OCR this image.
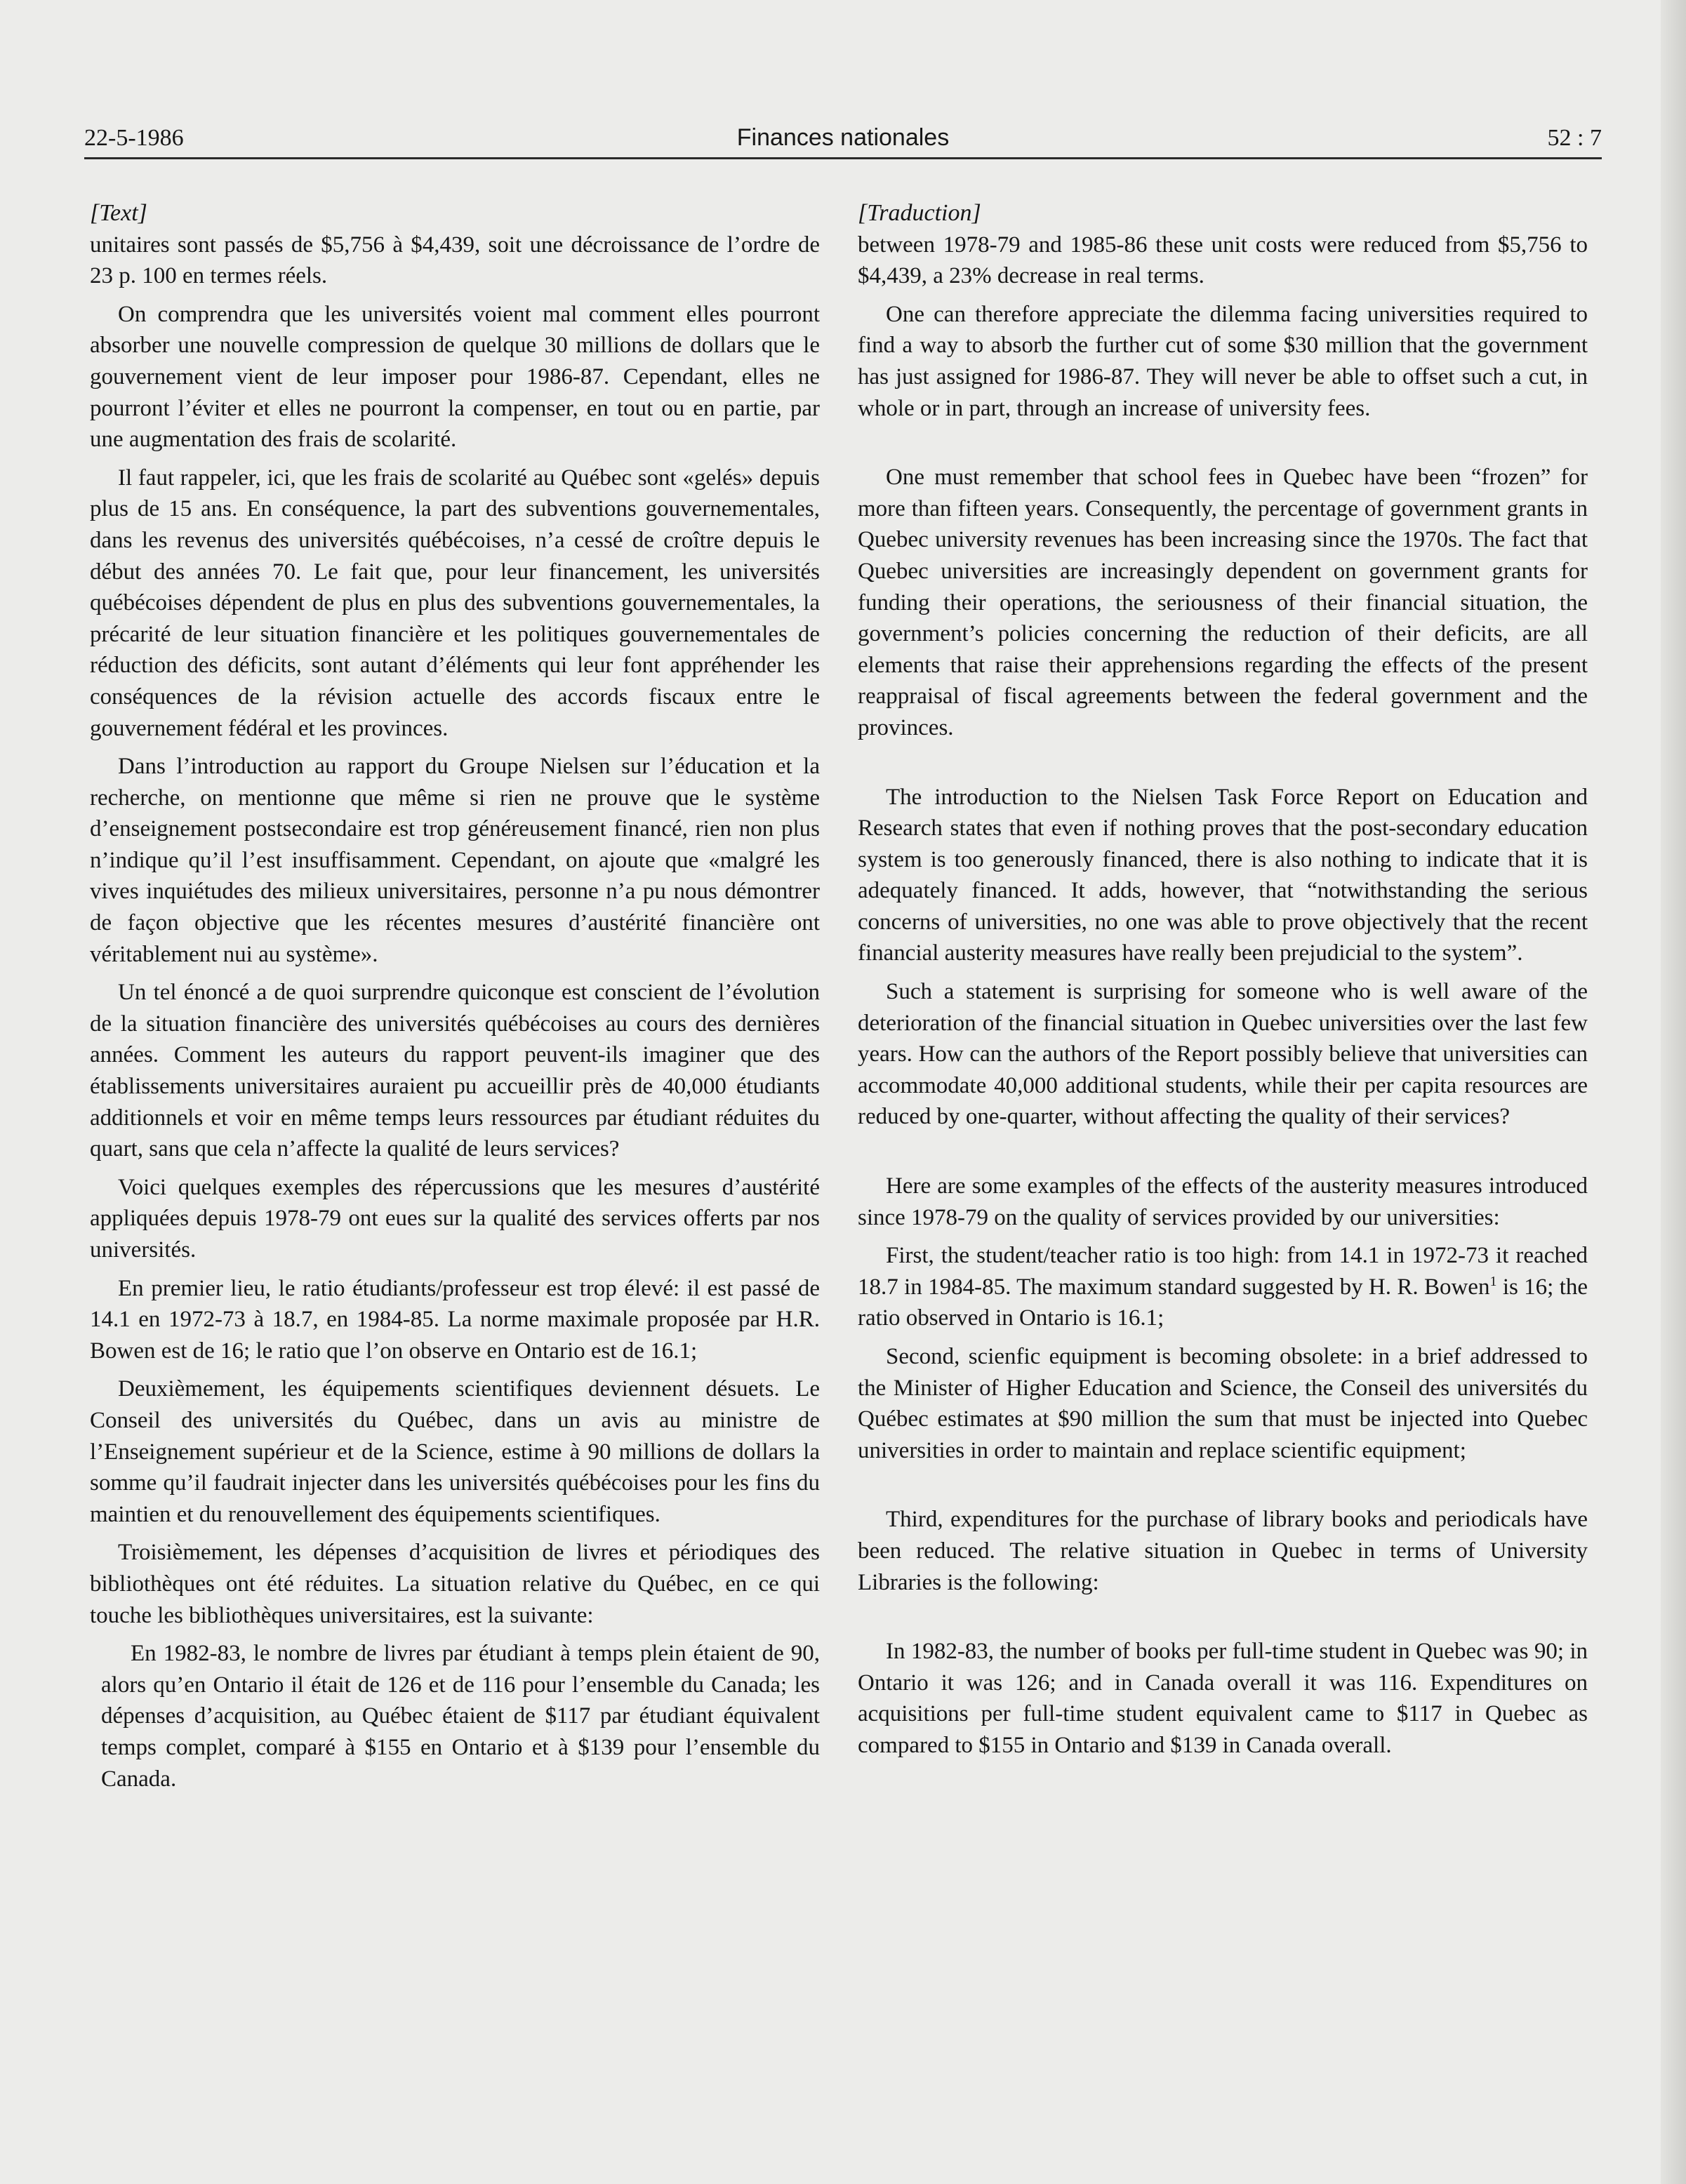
22-5-1986	Finances nationales	52 : 7

[Text]

unitaires sont passés de $5,756 à $4,439, soit une décroissance de l’ordre de 23 p. 100 en termes réels.

On comprendra que les universités voient mal comment elles pourront absorber une nouvelle compression de quelque 30 millions de dollars que le gouvernement vient de leur imposer pour 1986-87. Cependant, elles ne pourront l’éviter et elles ne pourront la compenser, en tout ou en partie, par une augmentation des frais de scolarité.

Il faut rappeler, ici, que les frais de scolarité au Québec sont «gelés» depuis plus de 15 ans. En conséquence, la part des subventions gouvernementales, dans les revenus des universités québécoises, n’a cessé de croître depuis le début des années 70. Le fait que, pour leur financement, les universités québécoises dépendent de plus en plus des subventions gouvernementales, la précarité de leur situation financière et les politiques gouvernementales de réduction des déficits, sont autant d’éléments qui leur font appréhender les conséquences de la révision actuelle des accords fiscaux entre le gouvernement fédéral et les provinces.

Dans l’introduction au rapport du Groupe Nielsen sur l’éducation et la recherche, on mentionne que même si rien ne prouve que le système d’enseignement postsecondaire est trop généreusement financé, rien non plus n’indique qu’il l’est insuffisamment. Cependant, on ajoute que «malgré les vives inquiétudes des milieux universitaires, personne n’a pu nous démontrer de façon objective que les récentes mesures d’austérité financière ont véritablement nui au système».

Un tel énoncé a de quoi surprendre quiconque est conscient de l’évolution de la situation financière des universités québécoises au cours des dernières années. Comment les auteurs du rapport peuvent-ils imaginer que des établissements universitaires auraient pu accueillir près de 40,000 étudiants additionnels et voir en même temps leurs ressources par étudiant réduites du quart, sans que cela n’affecte la qualité de leurs services?

Voici quelques exemples des répercussions que les mesures d’austérité appliquées depuis 1978-79 ont eues sur la qualité des services offerts par nos universités.

En premier lieu, le ratio étudiants/professeur est trop élevé: il est passé de 14.1 en 1972-73 à 18.7, en 1984-85. La norme maximale proposée par H.R. Bowen est de 16; le ratio que l’on observe en Ontario est de 16.1;

Deuxièmement, les équipements scientifiques deviennent désuets. Le Conseil des universités du Québec, dans un avis au ministre de l’Enseignement supérieur et de la Science, estime à 90 millions de dollars la somme qu’il faudrait injecter dans les universités québécoises pour les fins du maintien et du renouvellement des équipements scientifiques.

Troisièmement, les dépenses d’acquisition de livres et périodiques des bibliothèques ont été réduites. La situation relative du Québec, en ce qui touche les bibliothèques universitaires, est la suivante:

En 1982-83, le nombre de livres par étudiant à temps plein étaient de 90, alors qu’en Ontario il était de 126 et de 116 pour l’ensemble du Canada; les dépenses d’acquisition, au Québec étaient de $117 par étudiant équivalent temps complet, comparé à $155 en Ontario et à $139 pour l’ensemble du Canada.

[Traduction]

between 1978-79 and 1985-86 these unit costs were reduced from $5,756 to $4,439, a 23% decrease in real terms.

One can therefore appreciate the dilemma facing universities required to find a way to absorb the further cut of some $30 million that the government has just assigned for 1986-87. They will never be able to offset such a cut, in whole or in part, through an increase of university fees.

One must remember that school fees in Quebec have been “frozen” for more than fifteen years. Consequently, the percentage of government grants in Quebec university revenues has been increasing since the 1970s. The fact that Quebec universities are increasingly dependent on government grants for funding their operations, the seriousness of their financial situation, the government’s policies concerning the reduction of their deficits, are all elements that raise their apprehensions regarding the effects of the present reappraisal of fiscal agreements between the federal government and the provinces.

The introduction to the Nielsen Task Force Report on Education and Research states that even if nothing proves that the post-secondary education system is too generously financed, there is also nothing to indicate that it is adequately financed. It adds, however, that “notwithstanding the serious concerns of universities, no one was able to prove objectively that the recent financial austerity measures have really been prejudicial to the system”.

Such a statement is surprising for someone who is well aware of the deterioration of the financial situation in Quebec universities over the last few years. How can the authors of the Report possibly believe that universities can accommodate 40,000 additional students, while their per capita resources are reduced by one-quarter, without affecting the quality of their services?

Here are some examples of the effects of the austerity measures introduced since 1978-79 on the quality of services provided by our universities:

First, the student/teacher ratio is too high: from 14.1 in 1972-73 it reached 18.7 in 1984-85. The maximum standard suggested by H. R. Bowen$^1$ is 16; the ratio observed in Ontario is 16.1;

Second, scienfic equipment is becoming obsolete: in a brief addressed to the Minister of Higher Education and Science, the Conseil des universités du Québec estimates at $90 million the sum that must be injected into Quebec universities in order to maintain and replace scientific equipment;

Third, expenditures for the purchase of library books and periodicals have been reduced. The relative situation in Quebec in terms of University Libraries is the following:

In 1982-83, the number of books per full-time student in Quebec was 90; in Ontario it was 126; and in Canada overall it was 116. Expenditures on acquisitions per full-time student equivalent came to $117 in Quebec as compared to $155 in Ontario and $139 in Canada overall.
